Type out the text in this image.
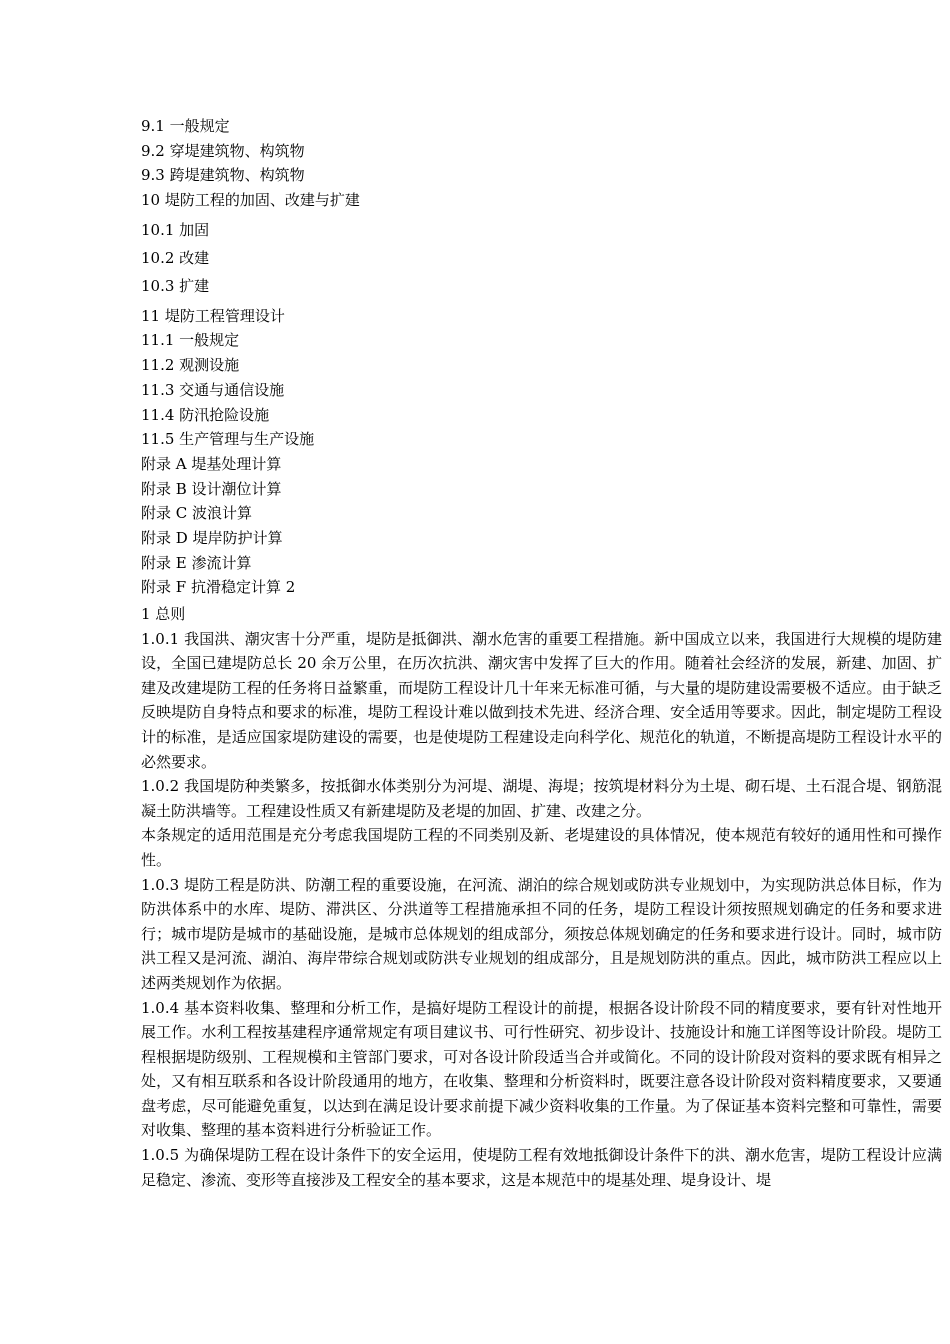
9.1 一般规定
9.2 穿堤建筑物、构筑物
9.3 跨堤建筑物、构筑物
10 堤防工程的加固、改建与扩建
10.1 加固
10.2 改建
10.3 扩建
11 堤防工程管理设计
11.1 一般规定
11.2 观测设施
11.3 交通与通信设施
11.4 防汛抢险设施
11.5 生产管理与生产设施
附录 A 堤基处理计算
附录 B 设计潮位计算
附录 C 波浪计算
附录 D 堤岸防护计算
附录 E 渗流计算
附录 F 抗滑稳定计算 2
1 总则

1.0.1 我国洪、潮灾害十分严重，堤防是抵御洪、潮水危害的重要工程措施。新中国成立以来，我国进行大规模的堤防建设，全国已建堤防总长 20 余万公里，在历次抗洪、潮灾害中发挥了巨大的作用。随着社会经济的发展，新建、加固、扩建及改建堤防工程的任务将日益繁重，而堤防工程设计几十年来无标准可循，与大量的堤防建设需要极不适应。由于缺乏反映堤防自身特点和要求的标准，堤防工程设计难以做到技术先进、经济合理、安全适用等要求。因此，制定堤防工程设计的标准，是适应国家堤防建设的需要，也是使堤防工程建设走向科学化、规范化的轨道，不断提高堤防工程设计水平的必然要求。

1.0.2 我国堤防种类繁多，按抵御水体类别分为河堤、湖堤、海堤；按筑堤材料分为土堤、砌石堤、土石混合堤、钢筋混凝土防洪墙等。工程建设性质又有新建堤防及老堤的加固、扩建、改建之分。

本条规定的适用范围是充分考虑我国堤防工程的不同类别及新、老堤建设的具体情况，使本规范有较好的通用性和可操作性。

1.0.3 堤防工程是防洪、防潮工程的重要设施，在河流、湖泊的综合规划或防洪专业规划中，为实现防洪总体目标，作为防洪体系中的水库、堤防、滞洪区、分洪道等工程措施承担不同的任务，堤防工程设计须按照规划确定的任务和要求进行；城市堤防是城市的基础设施，是城市总体规划的组成部分，须按总体规划确定的任务和要求进行设计。同时，城市防洪工程又是河流、湖泊、海岸带综合规划或防洪专业规划的组成部分，且是规划防洪的重点。因此，城市防洪工程应以上述两类规划作为依据。

1.0.4 基本资料收集、整理和分析工作，是搞好堤防工程设计的前提，根据各设计阶段不同的精度要求，要有针对性地开展工作。水利工程按基建程序通常规定有项目建议书、可行性研究、初步设计、技施设计和施工详图等设计阶段。堤防工程根据堤防级别、工程规模和主管部门要求，可对各设计阶段适当合并或简化。不同的设计阶段对资料的要求既有相异之处，又有相互联系和各设计阶段通用的地方，在收集、整理和分析资料时，既要注意各设计阶段对资料精度要求，又要通盘考虑，尽可能避免重复，以达到在满足设计要求前提下减少资料收集的工作量。为了保证基本资料完整和可靠性，需要对收集、整理的基本资料进行分析验证工作。

1.0.5 为确保堤防工程在设计条件下的安全运用，使堤防工程有效地抵御设计条件下的洪、潮水危害，堤防工程设计应满足稳定、渗流、变形等直接涉及工程安全的基本要求，这是本规范中的堤基处理、堤身设计、堤
